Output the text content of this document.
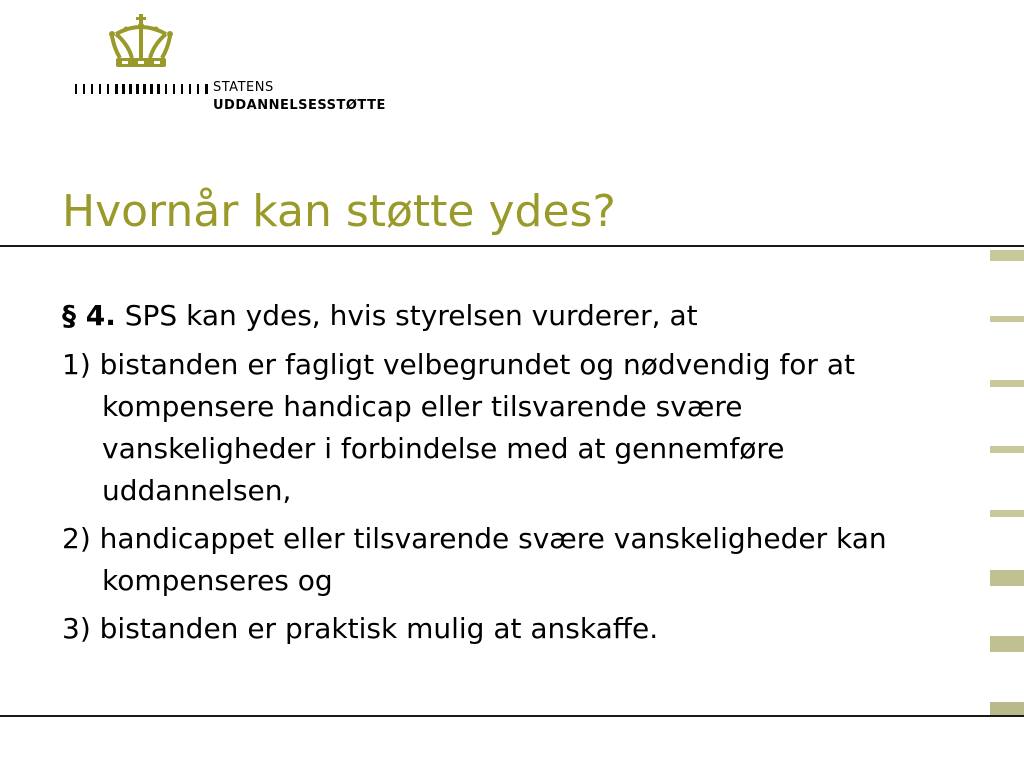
STATENS
UDDANNELSESSTØTTE
Hvornår kan støtte ydes?
§ 4. SPS kan ydes, hvis styrelsen vurderer, at
1) bistanden er fagligt velbegrundet og nødvendig for at kompensere handicap eller tilsvarende svære vanskeligheder i forbindelse med at gennemføre uddannelsen,
2) handicappet eller tilsvarende svære vanskeligheder kan kompenseres og
3) bistanden er praktisk mulig at anskaffe.
